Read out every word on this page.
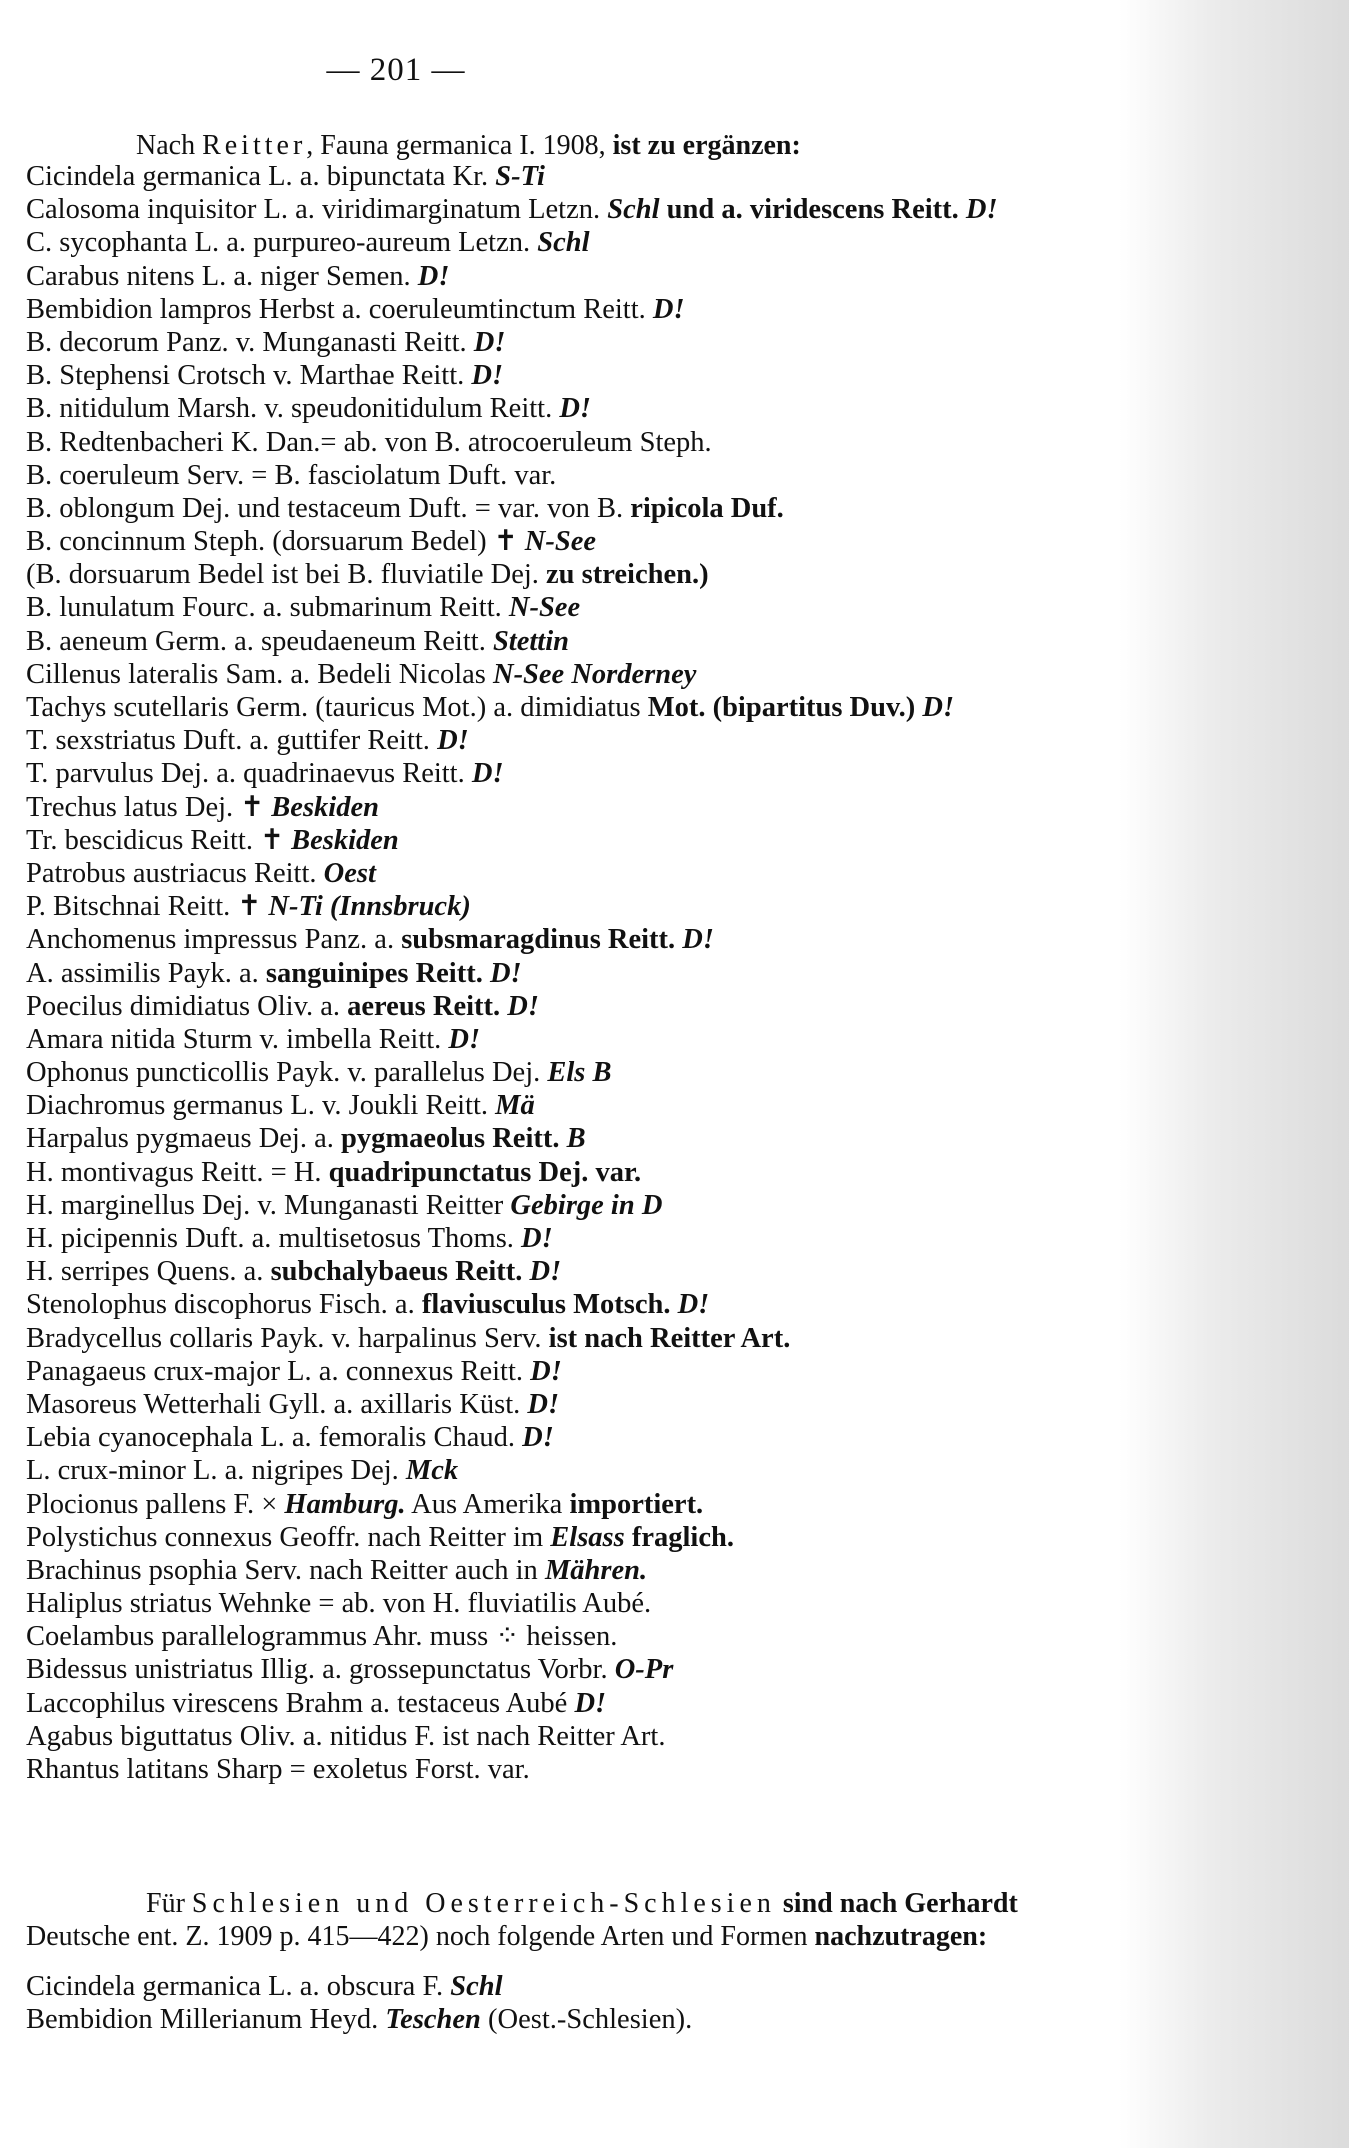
— 201 —
Nach Reitter, Fauna germanica I. 1908, ist zu ergänzen:
Cicindela germanica L. a. bipunctata Kr. S-Ti
Calosoma inquisitor L. a. viridimarginatum Letzn. Schl und a. viridescens Reitt. D!
C. sycophanta L. a. purpureo-aureum Letzn. Schl
Carabus nitens L. a. niger Semen. D!
Bembidion lampros Herbst a. coeruleumtinctum Reitt. D!
B. decorum Panz. v. Munganasti Reitt. D!
B. Stephensi Crotsch v. Marthae Reitt. D!
B. nitidulum Marsh. v. speudonitidulum Reitt. D!
B. Redtenbacheri K. Dan.= ab. von B. atrocoeruleum Steph.
B. coeruleum Serv. = B. fasciolatum Duft. var.
B. oblongum Dej. und testaceum Duft. = var. von B. ripicola Duf.
B. concinnum Steph. (dorsuarum Bedel) ✝ N-See
(B. dorsuarum Bedel ist bei B. fluviatile Dej. zu streichen.)
B. lunulatum Fourc. a. submarinum Reitt. N-See
B. aeneum Germ. a. speudaeneum Reitt. Stettin
Cillenus lateralis Sam. a. Bedeli Nicolas N-See Norderney
Tachys scutellaris Germ. (tauricus Mot.) a. dimidiatus Mot. (bipartitus Duv.) D!
T. sexstriatus Duft. a. guttifer Reitt. D!
T. parvulus Dej. a. quadrinaevus Reitt. D!
Trechus latus Dej. ✝ Beskiden
Tr. bescidicus Reitt. ✝ Beskiden
Patrobus austriacus Reitt. Oest
P. Bitschnai Reitt. ✝ N-Ti (Innsbruck)
Anchomenus impressus Panz. a. subsmaragdinus Reitt. D!
A. assimilis Payk. a. sanguinipes Reitt. D!
Poecilus dimidiatus Oliv. a. aereus Reitt. D!
Amara nitida Sturm v. imbella Reitt. D!
Ophonus puncticollis Payk. v. parallelus Dej. Els B
Diachromus germanus L. v. Joukli Reitt. Mä
Harpalus pygmaeus Dej. a. pygmaeolus Reitt. B
H. montivagus Reitt. = H. quadripunctatus Dej. var.
H. marginellus Dej. v. Munganasti Reitter Gebirge in D
H. picipennis Duft. a. multisetosus Thoms. D!
H. serripes Quens. a. subchalybaeus Reitt. D!
Stenolophus discophorus Fisch. a. flaviusculus Motsch. D!
Bradycellus collaris Payk. v. harpalinus Serv. ist nach Reitter Art.
Panagaeus crux-major L. a. connexus Reitt. D!
Masoreus Wetterhali Gyll. a. axillaris Küst. D!
Lebia cyanocephala L. a. femoralis Chaud. D!
L. crux-minor L. a. nigripes Dej. Mck
Plocionus pallens F. × Hamburg. Aus Amerika importiert.
Polystichus connexus Geoffr. nach Reitter im Elsass fraglich.
Brachinus psophia Serv. nach Reitter auch in Mähren.
Haliplus striatus Wehnke = ab. von H. fluviatilis Aubé.
Coelambus parallelogrammus Ahr. muss ⁘ heissen.
Bidessus unistriatus Illig. a. grossepunctatus Vorbr. O-Pr
Laccophilus virescens Brahm a. testaceus Aubé D!
Agabus biguttatus Oliv. a. nitidus F. ist nach Reitter Art.
Rhantus latitans Sharp = exoletus Forst. var.
Für Schlesien und Oesterreich-Schlesien sind nach Gerhardt
Deutsche ent. Z. 1909 p. 415—422) noch folgende Arten und Formen nachzutragen:
Cicindela germanica L. a. obscura F. Schl
Bembidion Millerianum Heyd. Teschen (Oest.-Schlesien).
